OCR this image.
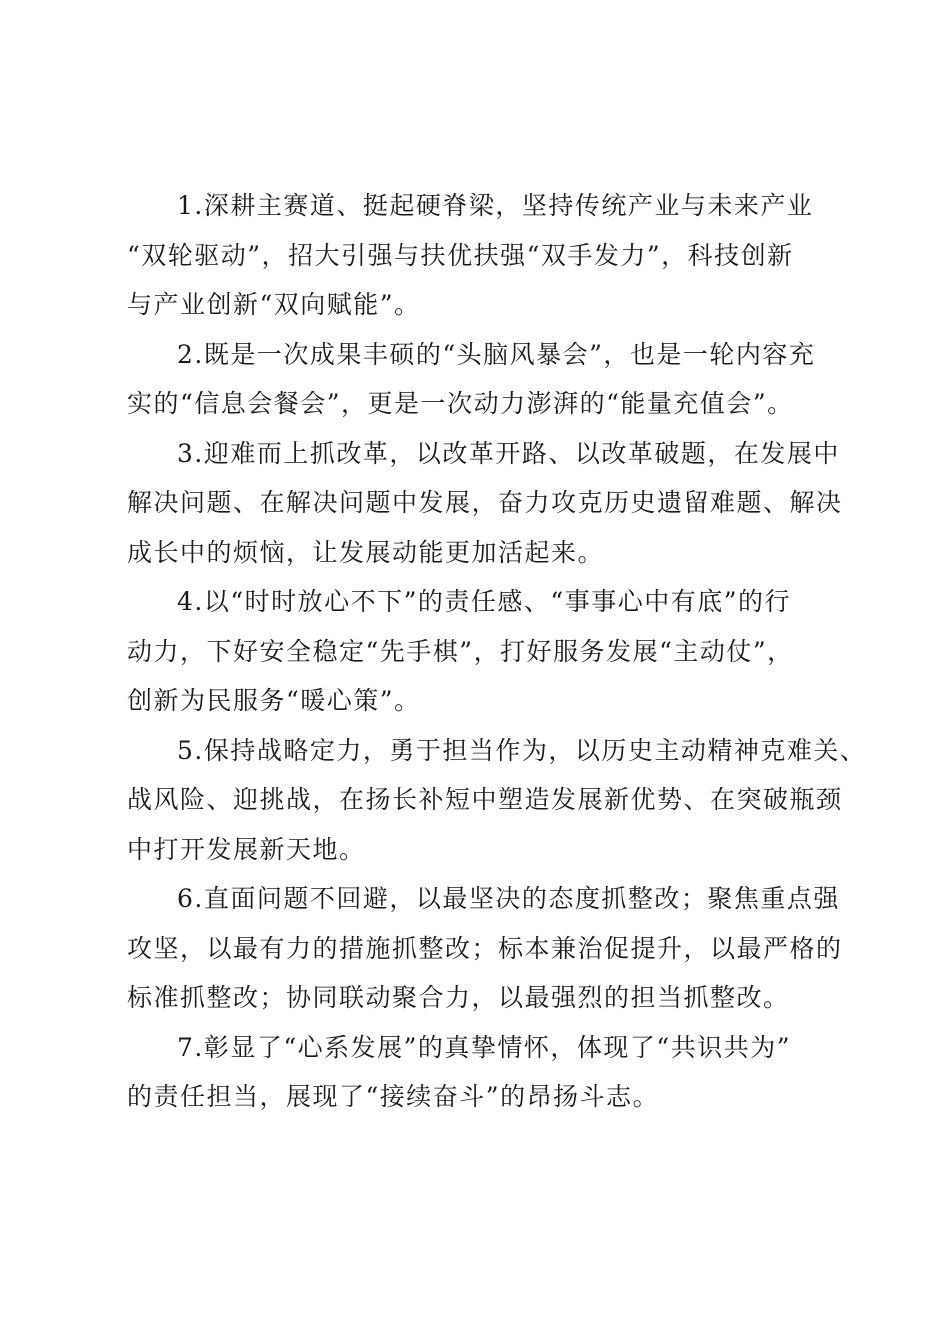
1.深耕主赛道、挺起硬脊梁，坚持传统产业与未来产业
“双轮驱动”，招大引强与扶优扶强“双手发力”，科技创新
与产业创新“双向赋能”。

2.既是一次成果丰硕的“头脑风暴会”，也是一轮内容充
实的“信息会餐会”，更是一次动力澎湃的“能量充值会”。

3.迎难而上抓改革，以改革开路、以改革破题，在发展中
解决问题、在解决问题中发展，奋力攻克历史遗留难题、解决
成长中的烦恼，让发展动能更加活起来。

4.以“时时放心不下”的责任感、“事事心中有底”的行
动力，下好安全稳定“先手棋”，打好服务发展“主动仗”，
创新为民服务“暖心策”。

5.保持战略定力，勇于担当作为，以历史主动精神克难关、
战风险、迎挑战，在扬长补短中塑造发展新优势、在突破瓶颈
中打开发展新天地。

6.直面问题不回避，以最坚决的态度抓整改；聚焦重点强
攻坚，以最有力的措施抓整改；标本兼治促提升，以最严格的
标准抓整改；协同联动聚合力，以最强烈的担当抓整改。

7.彰显了“心系发展”的真挚情怀，体现了“共识共为”
的责任担当，展现了“接续奋斗”的昂扬斗志。
